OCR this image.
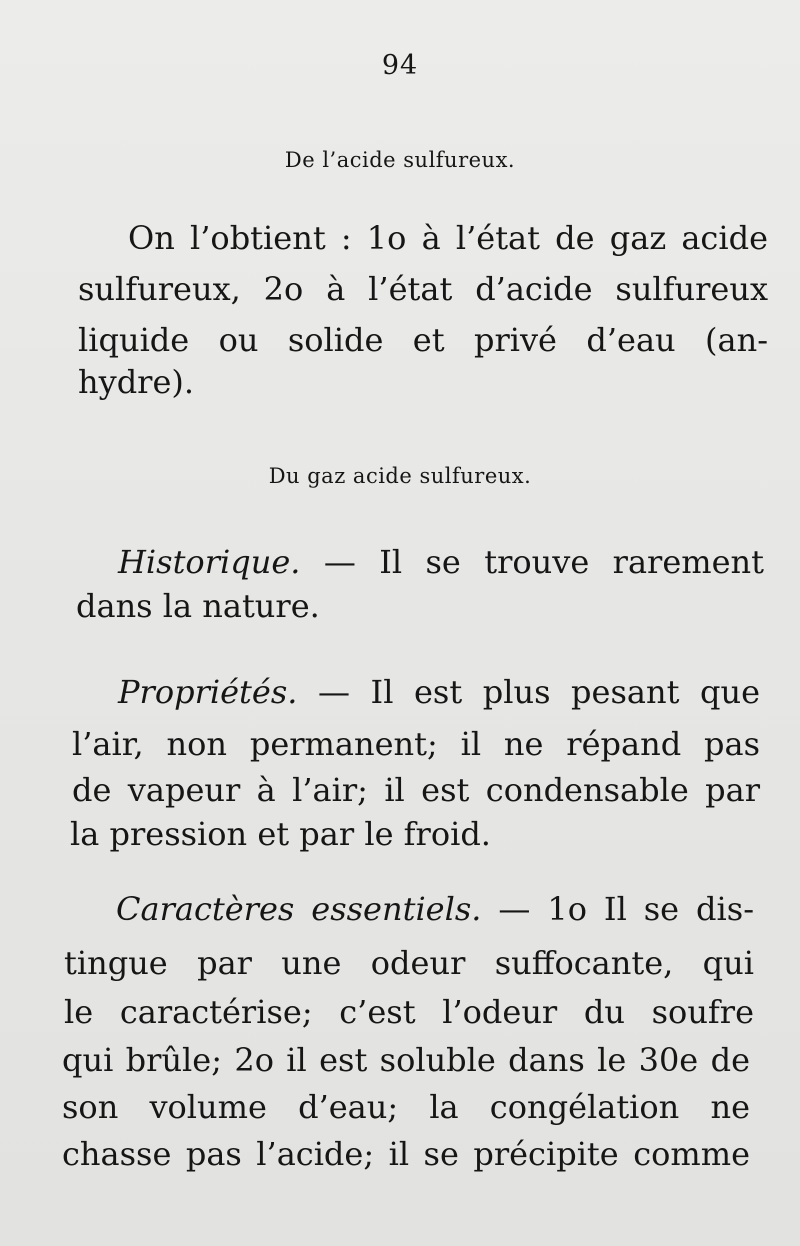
94

De l’acide sulfureux.

On l’obtient : 1o à l’état de gaz acide

sulfureux, 2o à l’état d’acide sulfureux

liquide ou solide et privé d’eau (an-

hydre).

Du gaz acide sulfureux.

Historique. — Il se trouve rarement

dans la nature.

Propriétés. — Il est plus pesant que

l’air, non permanent; il ne répand pas

de vapeur à l’air; il est condensable par

la pression et par le froid.

Caractères essentiels. — 1o Il se dis-

tingue par une odeur suffocante, qui

le caractérise; c’est l’odeur du soufre

qui brûle; 2o il est soluble dans le 30e de

son volume d’eau; la congélation ne

chasse pas l’acide; il se précipite comme
